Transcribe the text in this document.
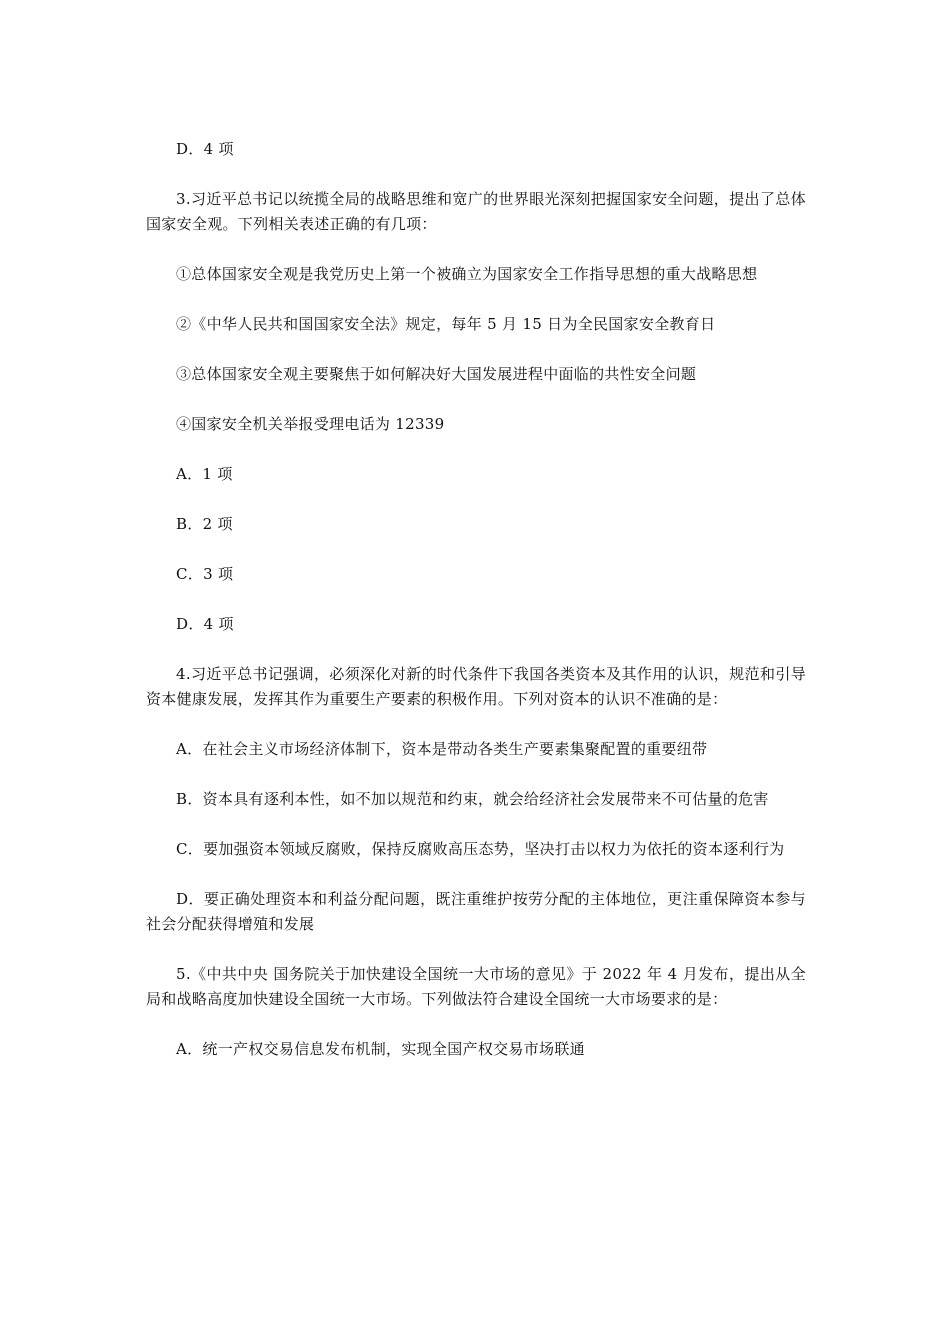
D．4 项

3.习近平总书记以统揽全局的战略思维和宽广的世界眼光深刻把握国家安全问题，提出了总体国家安全观。下列相关表述正确的有几项：

①总体国家安全观是我党历史上第一个被确立为国家安全工作指导思想的重大战略思想

②《中华人民共和国国家安全法》规定，每年 5 月 15 日为全民国家安全教育日

③总体国家安全观主要聚焦于如何解决好大国发展进程中面临的共性安全问题

④国家安全机关举报受理电话为 12339

A．1 项

B．2 项

C．3 项

D．4 项

4.习近平总书记强调，必须深化对新的时代条件下我国各类资本及其作用的认识，规范和引导资本健康发展，发挥其作为重要生产要素的积极作用。下列对资本的认识不准确的是：

A．在社会主义市场经济体制下，资本是带动各类生产要素集聚配置的重要纽带

B．资本具有逐利本性，如不加以规范和约束，就会给经济社会发展带来不可估量的危害

C．要加强资本领域反腐败，保持反腐败高压态势，坚决打击以权力为依托的资本逐利行为

D．要正确处理资本和利益分配问题，既注重维护按劳分配的主体地位，更注重保障资本参与社会分配获得增殖和发展

5.《中共中央 国务院关于加快建设全国统一大市场的意见》于 2022 年 4 月发布，提出从全局和战略高度加快建设全国统一大市场。下列做法符合建设全国统一大市场要求的是：

A．统一产权交易信息发布机制，实现全国产权交易市场联通
